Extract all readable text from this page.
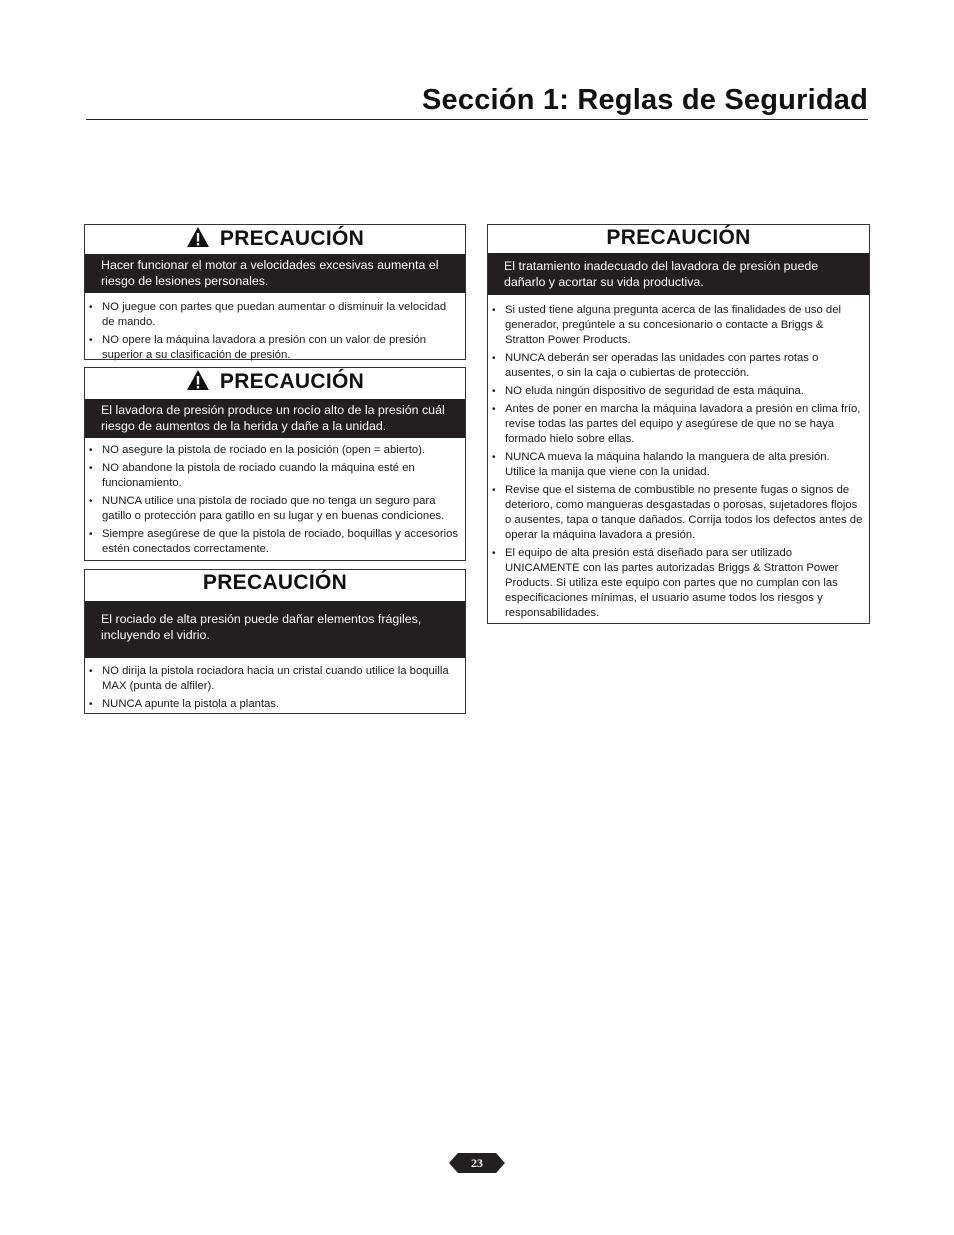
Sección 1: Reglas de Seguridad
PRECAUCIÓN
Hacer funcionar el motor a velocidades excesivas aumenta el riesgo de lesiones personales.
• NO juegue con partes que puedan aumentar o disminuir la velocidad de mando.
• NO opere la máquina lavadora a presión con un valor de presión superior a su clasificación de presión.
PRECAUCIÓN
El lavadora de presión produce un rocío alto de la presión cuál riesgo de aumentos de la herida y dañe a la unidad.
• NO asegure la pistola de rociado en la posición (open = abierto).
• NO abandone la pistola de rociado cuando la máquina esté en funcionamiento.
• NUNCA utilice una pistola de rociado que no tenga un seguro para gatillo o protección para gatillo en su lugar y en buenas condiciones.
• Siempre asegúrese de que la pistola de rociado, boquillas y accesorios estén conectados correctamente.
PRECAUCIÓN
El rociado de alta presión puede dañar elementos frágiles, incluyendo el vidrio.
• NO dirija la pistola rociadora hacia un cristal cuando utilice la boquilla MAX (punta de alfiler).
• NUNCA apunte la pistola a plantas.
PRECAUCIÓN
El tratamiento inadecuado del lavadora de presión puede dañarlo y acortar su vida productiva.
• Si usted tiene alguna pregunta acerca de las finalidades de uso del generador, pregúntele a su concesionario o contacte a Briggs & Stratton Power Products.
• NUNCA deberán ser operadas las unidades con partes rotas o ausentes, o sin la caja o cubiertas de protección.
• NO eluda ningún dispositivo de seguridad de esta máquina.
• Antes de poner en marcha la máquina lavadora a presión en clima frío, revise todas las partes del equipo y asegúrese de que no se haya formado hielo sobre ellas.
• NUNCA mueva la máquina halando la manguera de alta presión. Utilice la manija que viene con la unidad.
• Revise que el sistema de combustible no presente fugas o signos de deterioro, como mangueras desgastadas o porosas, sujetadores flojos o ausentes, tapa o tanque dañados. Corrija todos los defectos antes de operar la máquina lavadora a presión.
• El equipo de alta presión está diseñado para ser utilizado UNICAMENTE con las partes autorizadas Briggs & Stratton Power Products. Si utiliza este equipo con partes que no cumplan con las especificaciones mínimas, el usuario asume todos los riesgos y responsabilidades.
23
